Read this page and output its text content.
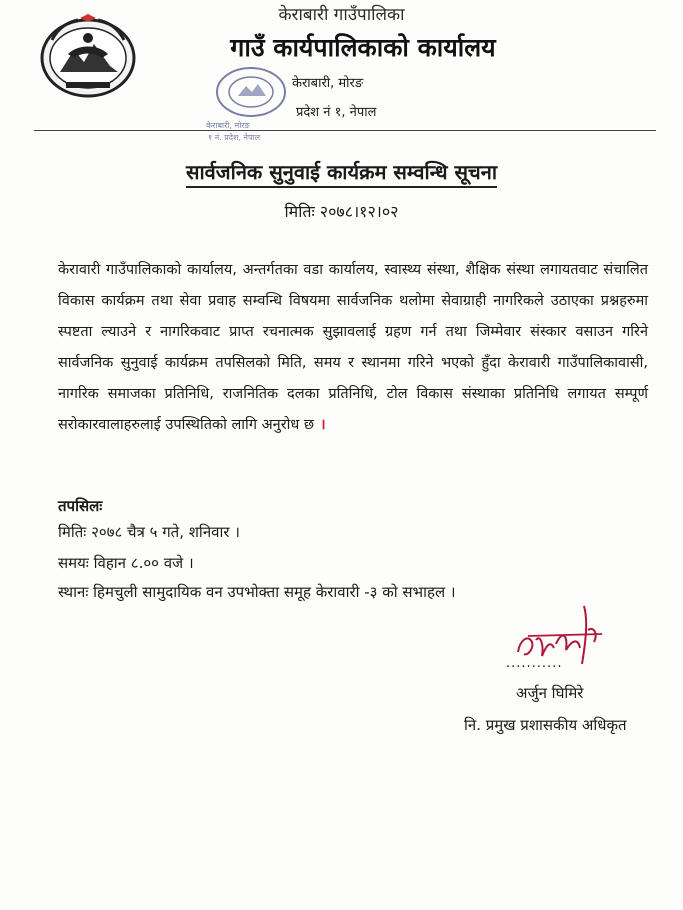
केराबारी गाउँपालिका
गाउँ कार्यपालिकाको कार्यालय
केराबारी, मोरङ
प्रदेश नं १, नेपाल
केराबारी, मोरङ
१ नं. प्रदेश, नेपाल
सार्वजनिक सुनुवाई कार्यक्रम सम्वन्धि सूचना
मितिः २०७८।१२।०२
केरावारी गाउँपालिकाको कार्यालय, अन्तर्गतका वडा कार्यालय, स्वास्थ्य संस्था, शैक्षिक संस्था लगायतवाट संचालित विकास कार्यक्रम तथा सेवा प्रवाह सम्वन्धि विषयमा सार्वजनिक थलोमा सेवाग्राही नागरिकले उठाएका प्रश्नहरुमा स्पष्टता ल्याउने र नागरिकवाट प्राप्त रचनात्मक सुझावलाई ग्रहण गर्न तथा जिम्मेवार संस्कार वसाउन गरिने सार्वजनिक सुनुवाई कार्यक्रम तपसिलको मिति, समय र स्थानमा गरिने भएको हुँदा केरावारी गाउँपालिकावासी, नागरिक समाजका प्रतिनिधि, राजनितिक दलका प्रतिनिधि, टोल विकास संस्थाका प्रतिनिधि लगायत सम्पूर्ण सरोकारवालाहरुलाई उपस्थितिको लागि अनुरोध छ ।
तपसिलः
मितिः २०७८ चैत्र ५ गते, शनिवार ।
समयः विहान ८.०० वजे ।
स्थानः हिमचुली सामुदायिक वन उपभोक्ता समूह केरावारी -३ को सभाहल ।
...........
अर्जुन घिमिरे
नि. प्रमुख प्रशासकीय अधिकृत
